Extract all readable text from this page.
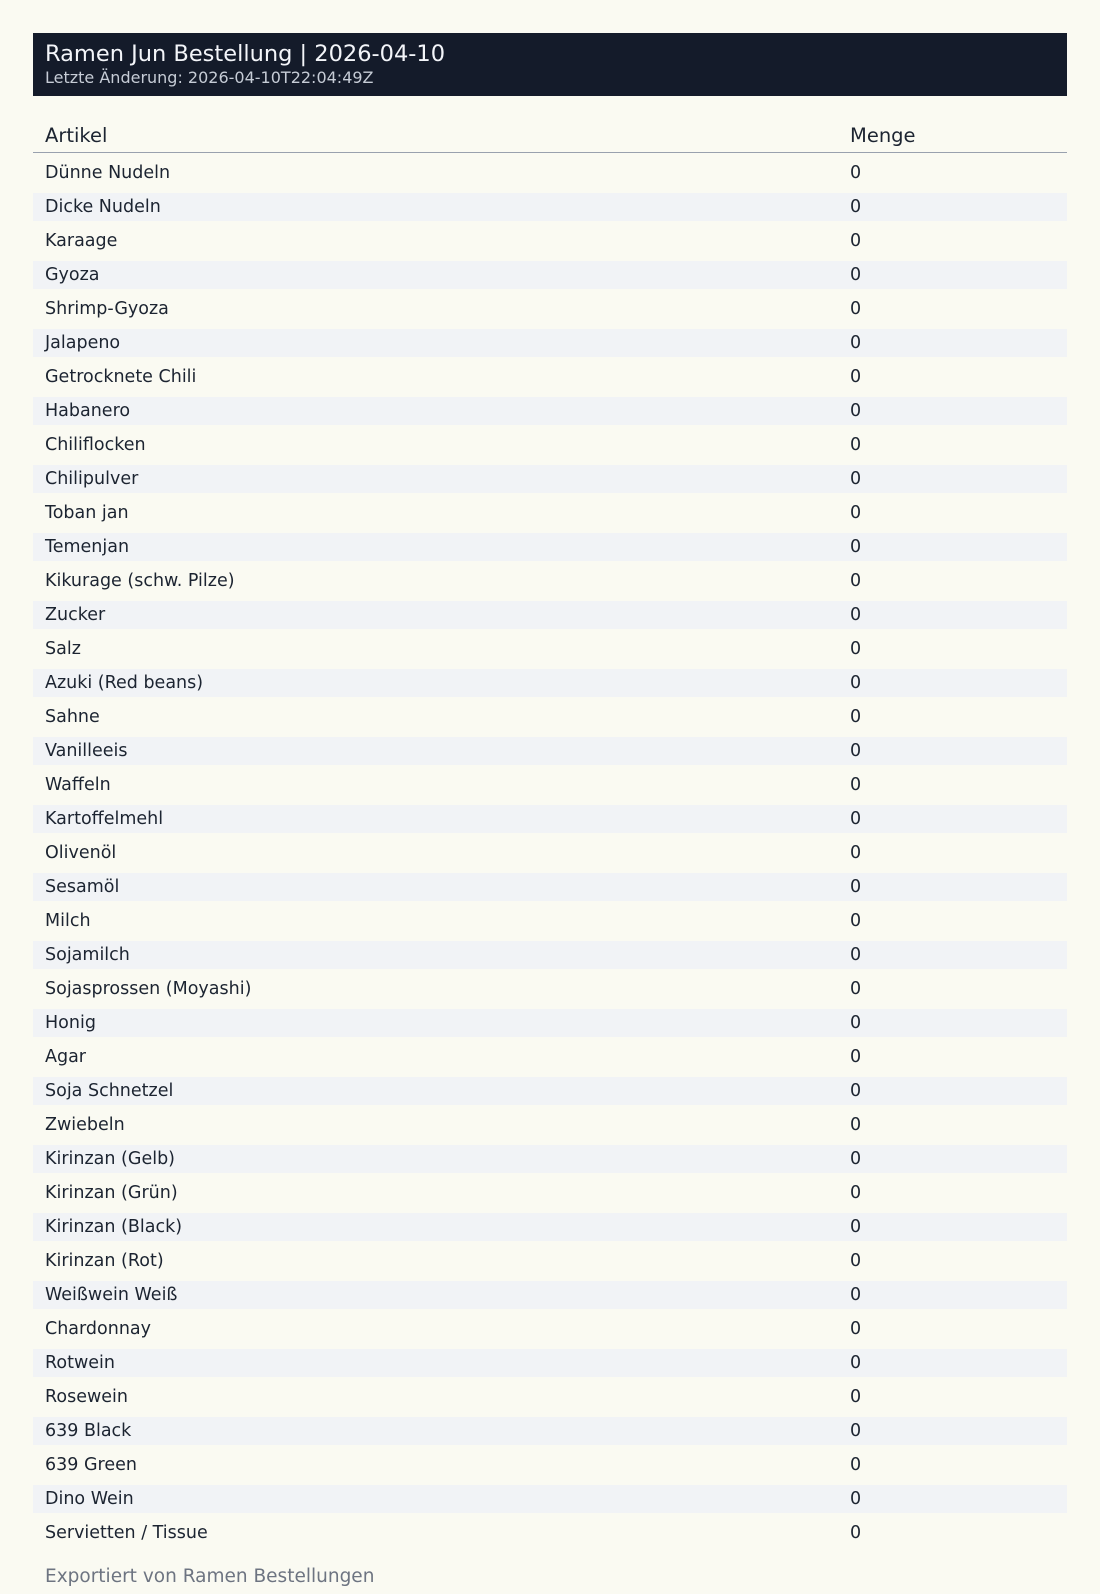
Ramen Jun Bestellung | 2026-04-10
Letzte Änderung: 2026-04-10T22:04:49Z
Artikel	Menge
Dünne Nudeln	0
Dicke Nudeln	0
Karaage	0
Gyoza	0
Shrimp-Gyoza	0
Jalapeno	0
Getrocknete Chili	0
Habanero	0
Chiliflocken	0
Chilipulver	0
Toban jan	0
Temenjan	0
Kikurage (schw. Pilze)	0
Zucker	0
Salz	0
Azuki (Red beans)	0
Sahne	0
Vanilleeis	0
Waffeln	0
Kartoffelmehl	0
Olivenöl	0
Sesamöl	0
Milch	0
Sojamilch	0
Sojasprossen (Moyashi)	0
Honig	0
Agar	0
Soja Schnetzel	0
Zwiebeln	0
Kirinzan (Gelb)	0
Kirinzan (Grün)	0
Kirinzan (Black)	0
Kirinzan (Rot)	0
Weißwein Weiß	0
Chardonnay	0
Rotwein	0
Rosewein	0
639 Black	0
639 Green	0
Dino Wein	0
Servietten / Tissue	0
Exportiert von Ramen Bestellungen
